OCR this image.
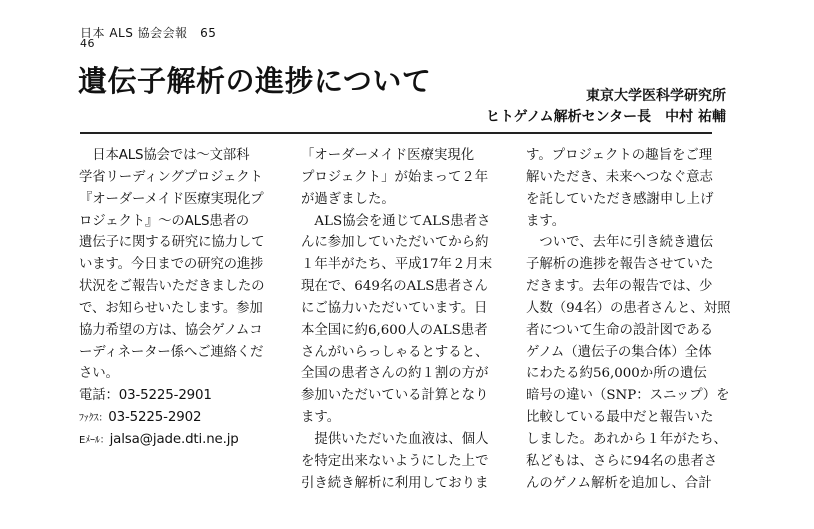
日本 ALS 協会会報　65
46
遺伝子解析の進捗について	東京大学医科学研究所
ヒトゲノム解析センター長　中村 祐輔
　日本ALS協会では～文部科
学省リーディングプロジェクト
『オーダーメイド医療実現化プ
ロジェクト』～のALS患者の
遺伝子に関する研究に協力して
います。今日までの研究の進捗
状況をご報告いただきましたの
で、お知らせいたします。参加
協力希望の方は、協会ゲノムコ
ーディネーター係へご連絡くだ
さい。
電話：03-5225-2901
ﾌｧｸｽ：03-5225-2902
Eﾒｰﾙ：jalsa@jade.dti.ne.jp
「オーダーメイド医療実現化
プロジェクト」が始まって２年
が過ぎました。
　ALS協会を通じてALS患者さ
んに参加していただいてから約
１年半がたち、平成17年２月末
現在で、649名のALS患者さん
にご協力いただいています。日
本全国に約6,600人のALS患者
さんがいらっしゃるとすると、
全国の患者さんの約１割の方が
参加いただいている計算となり
ます。
　提供いただいた血液は、個人
を特定出来ないようにした上で
引き続き解析に利用しておりま
す。プロジェクトの趣旨をご理
解いただき、未来へつなぐ意志
を託していただき感謝申し上げ
ます。
　ついで、去年に引き続き遺伝
子解析の進捗を報告させていた
だきます。去年の報告では、少
人数（94名）の患者さんと、対照
者について生命の設計図である
ゲノム（遺伝子の集合体）全体
にわたる約56,000か所の遺伝
暗号の違い（SNP：スニップ）を
比較している最中だと報告いた
しました。あれから１年がたち、
私どもは、さらに94名の患者さ
んのゲノム解析を追加し、合計
